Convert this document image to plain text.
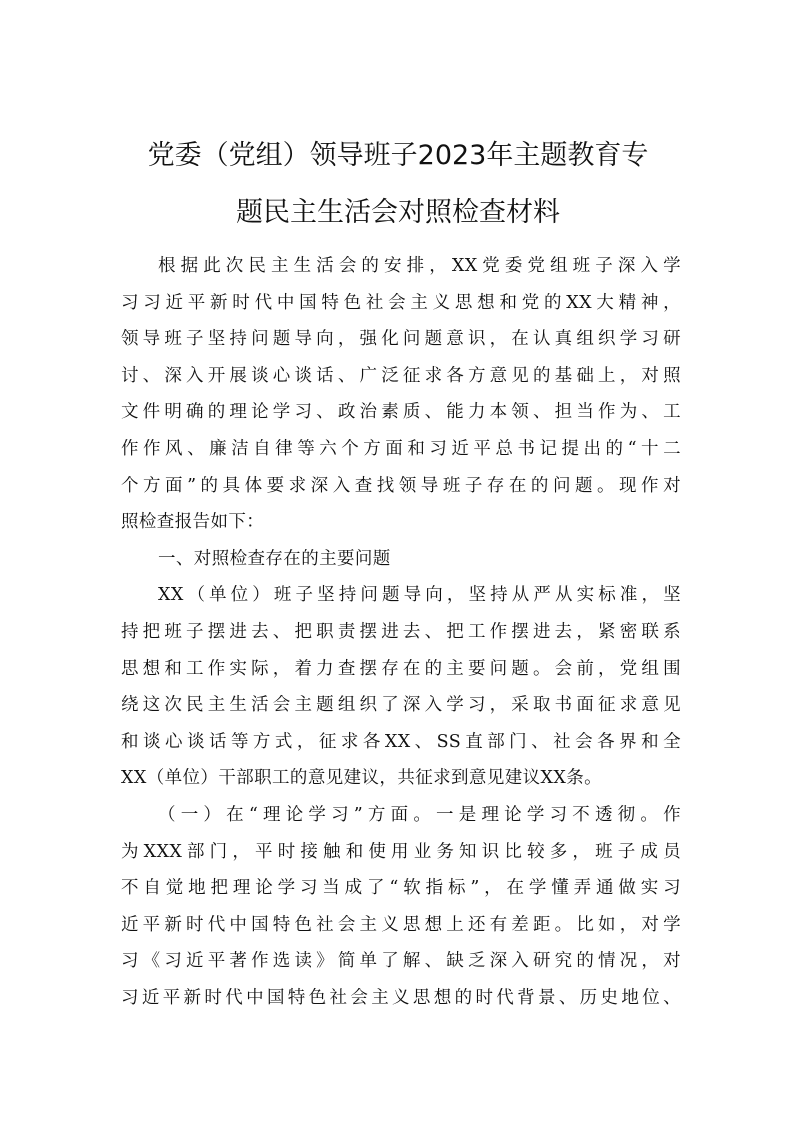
党委（党组）领导班子2023年主题教育专
题民主生活会对照检查材料
根据此次民主生活会的安排，XX党委党组班子深入学
习习近平新时代中国特色社会主义思想和党的XX大精神，
领导班子坚持问题导向，强化问题意识，在认真组织学习研
讨、深入开展谈心谈话、广泛征求各方意见的基础上，对照
文件明确的理论学习、政治素质、能力本领、担当作为、工
作作风、廉洁自律等六个方面和习近平总书记提出的“十二
个方面”的具体要求深入查找领导班子存在的问题。现作对
照检查报告如下：
一、对照检查存在的主要问题
XX（单位）班子坚持问题导向，坚持从严从实标准，坚
持把班子摆进去、把职责摆进去、把工作摆进去，紧密联系
思想和工作实际，着力查摆存在的主要问题。会前，党组围
绕这次民主生活会主题组织了深入学习，采取书面征求意见
和谈心谈话等方式，征求各XX、SS直部门、社会各界和全
XX（单位）干部职工的意见建议，共征求到意见建议XX条。
（一）在“理论学习”方面。一是理论学习不透彻。作
为XXX部门，平时接触和使用业务知识比较多，班子成员
不自觉地把理论学习当成了“软指标”，在学懂弄通做实习
近平新时代中国特色社会主义思想上还有差距。比如，对学
习《习近平著作选读》简单了解、缺乏深入研究的情况，对
习近平新时代中国特色社会主义思想的时代背景、历史地位、
